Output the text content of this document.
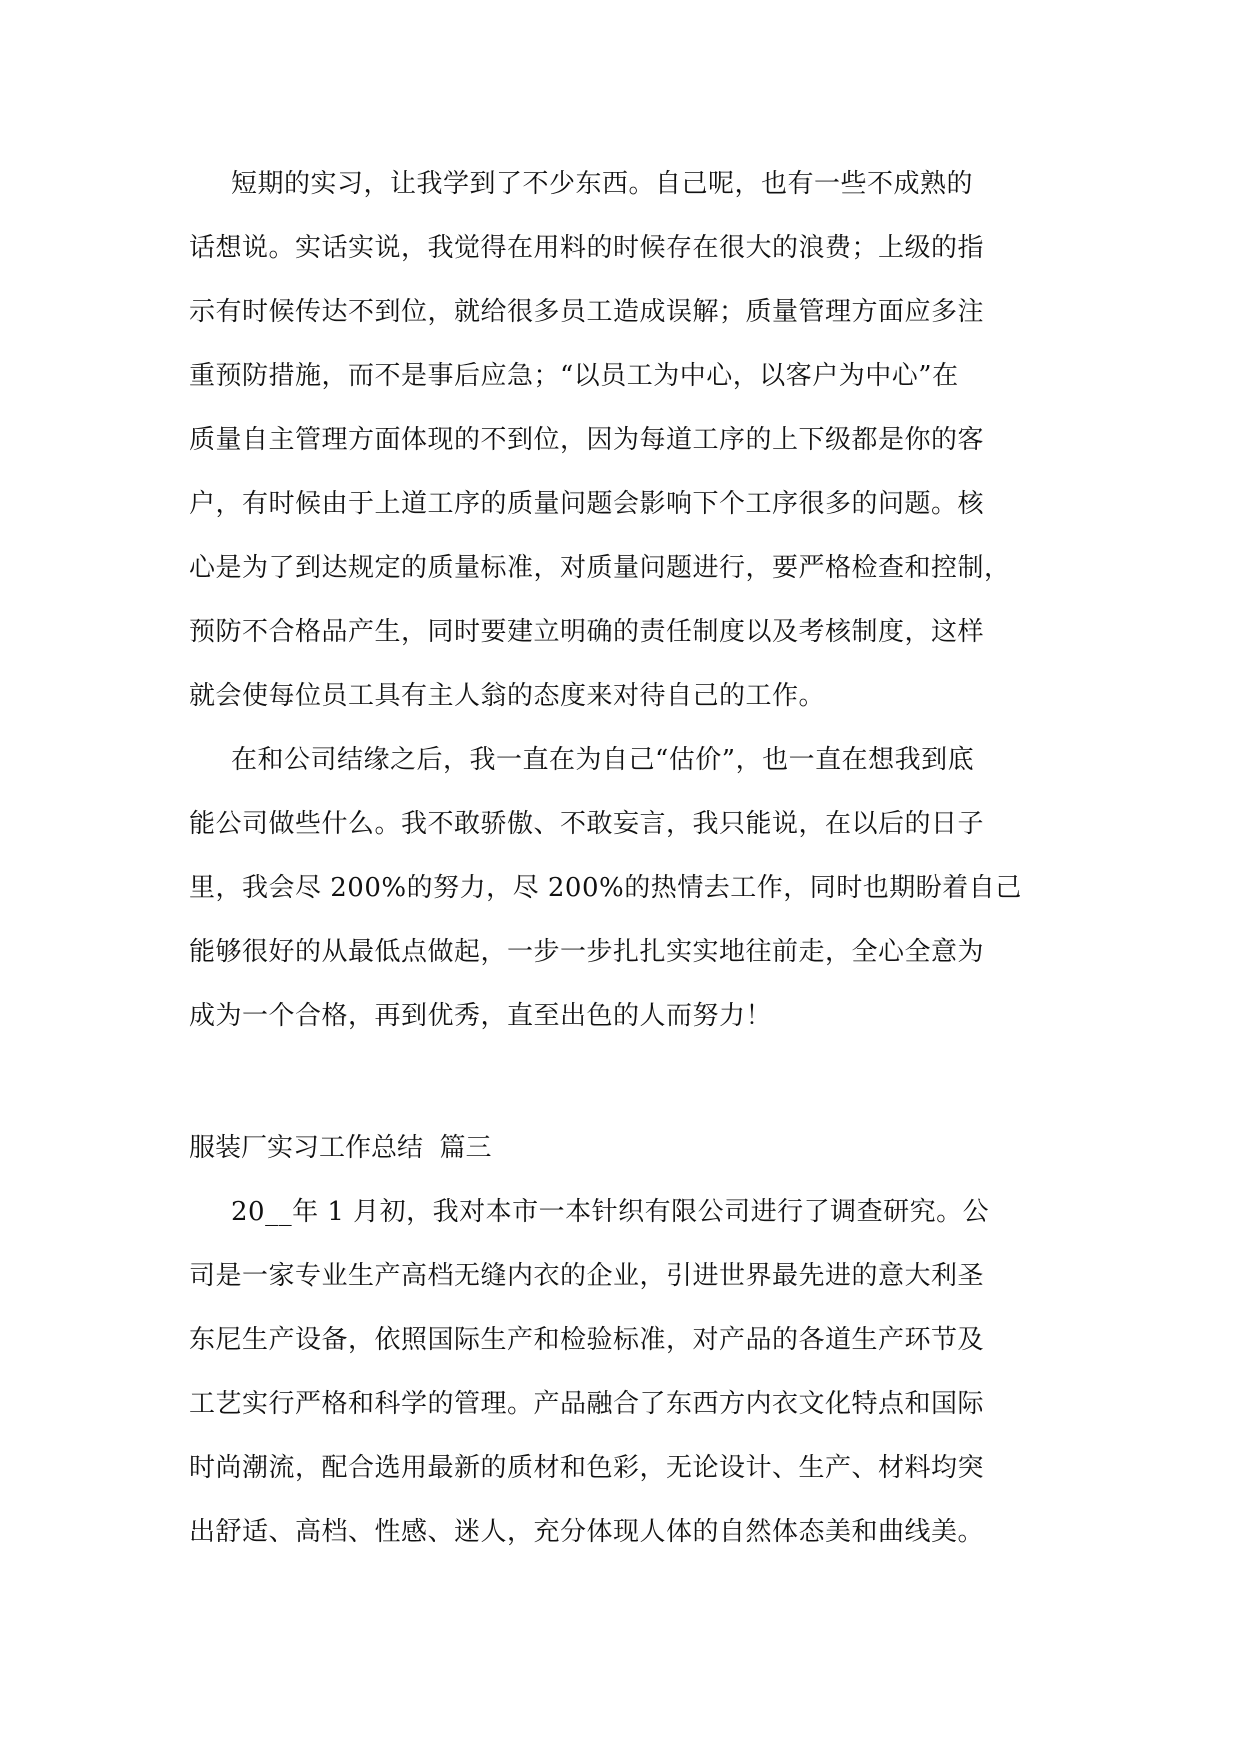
短期的实习，让我学到了不少东西。自己呢，也有一些不成熟的
话想说。实话实说，我觉得在用料的时候存在很大的浪费；上级的指
示有时候传达不到位，就给很多员工造成误解；质量管理方面应多注
重预防措施，而不是事后应急；“以员工为中心，以客户为中心”在
质量自主管理方面体现的不到位，因为每道工序的上下级都是你的客
户，有时候由于上道工序的质量问题会影响下个工序很多的问题。核
心是为了到达规定的质量标准，对质量问题进行，要严格检查和控制，
预防不合格品产生，同时要建立明确的责任制度以及考核制度，这样
就会使每位员工具有主人翁的态度来对待自己的工作。
在和公司结缘之后，我一直在为自己“估价”，也一直在想我到底
能公司做些什么。我不敢骄傲、不敢妄言，我只能说，在以后的日子
里，我会尽 200%的努力，尽 200%的热情去工作，同时也期盼着自己
能够很好的从最低点做起，一步一步扎扎实实地往前走，全心全意为
成为一个合格，再到优秀，直至出色的人而努力！
服装厂实习工作总结  篇三
20__年 1 月初，我对本市一本针织有限公司进行了调查研究。公
司是一家专业生产高档无缝内衣的企业，引进世界最先进的意大利圣
东尼生产设备，依照国际生产和检验标准，对产品的各道生产环节及
工艺实行严格和科学的管理。产品融合了东西方内衣文化特点和国际
时尚潮流，配合选用最新的质材和色彩，无论设计、生产、材料均突
出舒适、高档、性感、迷人，充分体现人体的自然体态美和曲线美。
